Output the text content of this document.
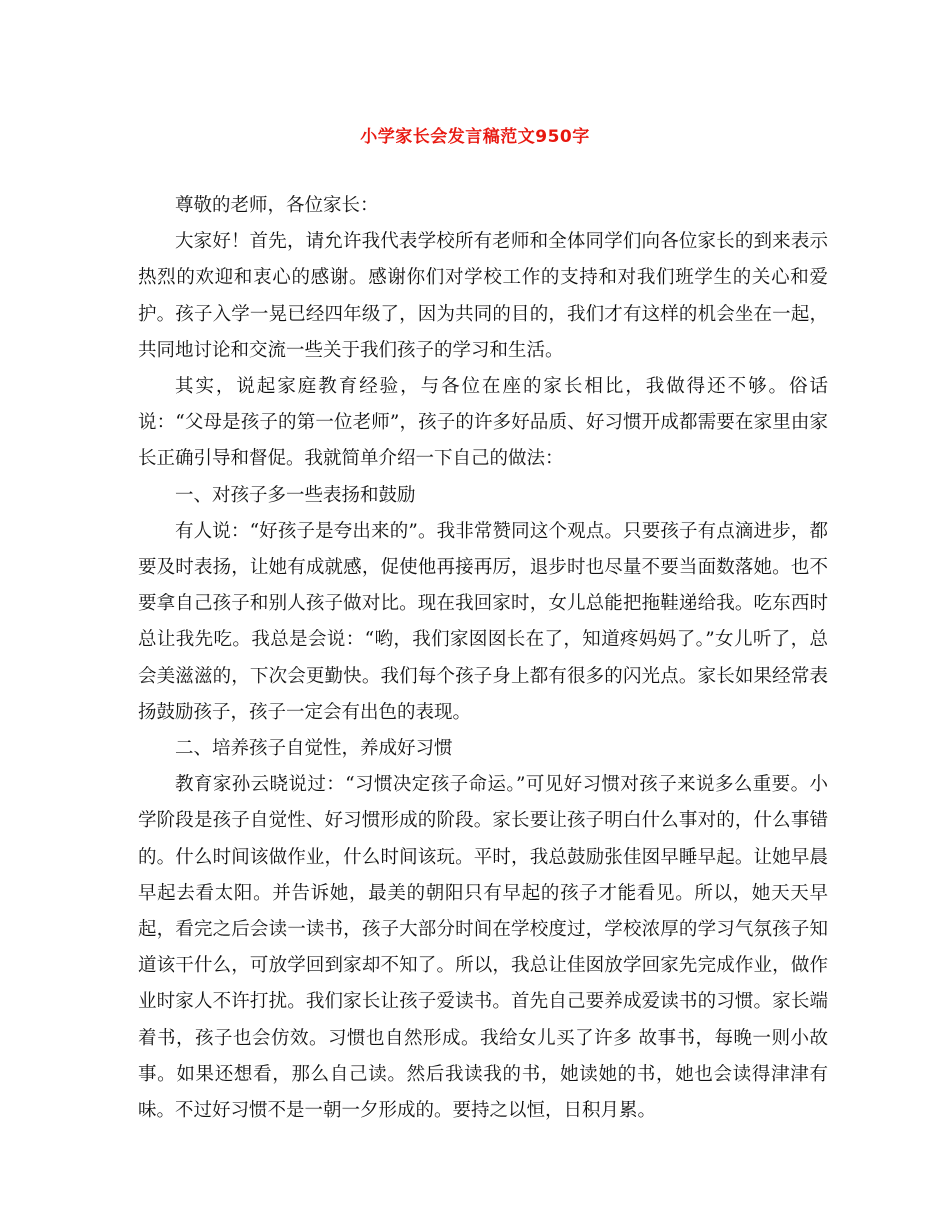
小学家长会发言稿范文950字

尊敬的老师，各位家长：

大家好！首先，请允许我代表学校所有老师和全体同学们向各位家长的到来表示热烈的欢迎和衷心的感谢。感谢你们对学校工作的支持和对我们班学生的关心和爱护。孩子入学一晃已经四年级了，因为共同的目的，我们才有这样的机会坐在一起，共同地讨论和交流一些关于我们孩子的学习和生活。

其实，说起家庭教育经验，与各位在座的家长相比，我做得还不够。俗话说：“父母是孩子的第一位老师”，孩子的许多好品质、好习惯开成都需要在家里由家长正确引导和督促。我就简单介绍一下自己的做法：

一、对孩子多一些表扬和鼓励

有人说：“好孩子是夸出来的”。我非常赞同这个观点。只要孩子有点滴进步，都要及时表扬，让她有成就感，促使他再接再厉，退步时也尽量不要当面数落她。也不要拿自己孩子和别人孩子做对比。现在我回家时，女儿总能把拖鞋递给我。吃东西时总让我先吃。我总是会说：“哟，我们家囡囡长在了，知道疼妈妈了。”女儿听了，总会美滋滋的，下次会更勤快。我们每个孩子身上都有很多的闪光点。家长如果经常表扬鼓励孩子，孩子一定会有出色的表现。

二、培养孩子自觉性，养成好习惯

教育家孙云晓说过：“习惯决定孩子命运。”可见好习惯对孩子来说多么重要。小学阶段是孩子自觉性、好习惯形成的阶段。家长要让孩子明白什么事对的，什么事错的。什么时间该做作业，什么时间该玩。平时，我总鼓励张佳囡早睡早起。让她早晨早起去看太阳。并告诉她，最美的朝阳只有早起的孩子才能看见。所以，她天天早起，看完之后会读一读书，孩子大部分时间在学校度过，学校浓厚的学习气氛孩子知道该干什么，可放学回到家却不知了。所以，我总让佳囡放学回家先完成作业，做作业时家人不许打扰。我们家长让孩子爱读书。首先自己要养成爱读书的习惯。家长端着书，孩子也会仿效。习惯也自然形成。我给女儿买了许多 故事书，每晚一则小故事。如果还想看，那么自己读。然后我读我的书，她读她的书，她也会读得津津有味。不过好习惯不是一朝一夕形成的。要持之以恒，日积月累。
